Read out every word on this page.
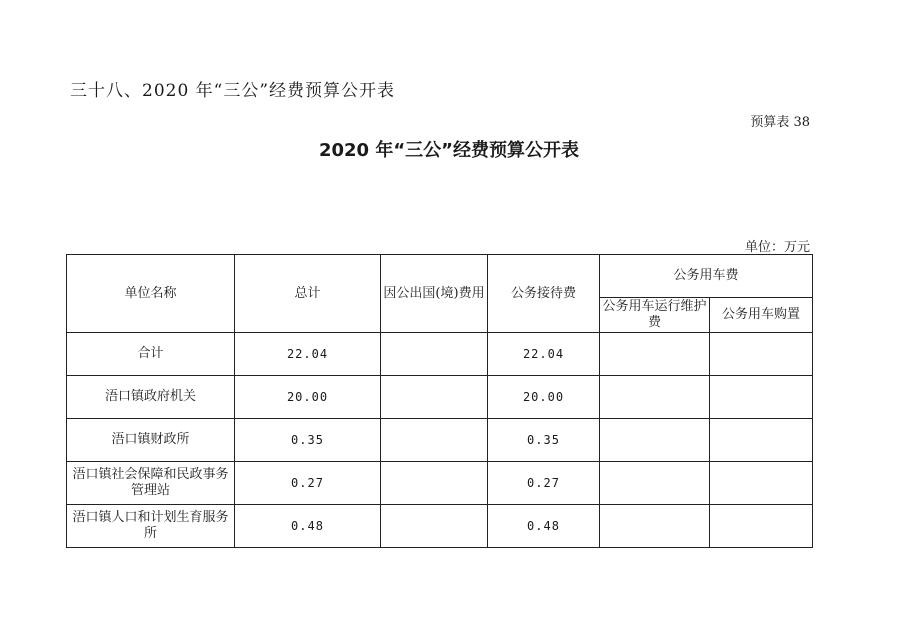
三十八、2020 年“三公”经费预算公开表
预算表 38
2020 年“三公”经费预算公开表
单位：万元
单位名称	总计	因公出国(境)费用	公务接待费	公务用车费	
				公务用车运行维护费	公务用车购置
合计	22.04		22.04		
浯口镇政府机关	20.00		20.00		
浯口镇财政所	0.35		0.35		
浯口镇社会保障和民政事务管理站	0.27		0.27		
浯口镇人口和计划生育服务所	0.48		0.48		
